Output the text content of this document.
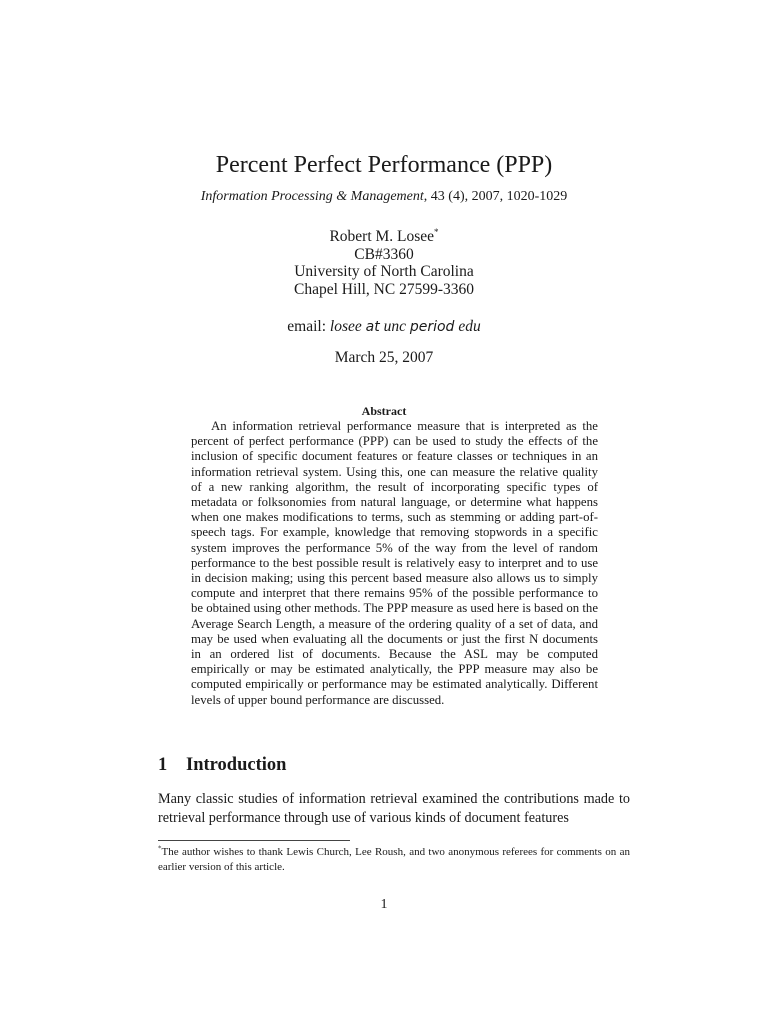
Percent Perfect Performance (PPP)
Information Processing & Management, 43 (4), 2007, 1020-1029
Robert M. Losee*
CB#3360
University of North Carolina
Chapel Hill, NC 27599-3360
email: losee at unc period edu
March 25, 2007
Abstract
An information retrieval performance measure that is interpreted as the percent of perfect performance (PPP) can be used to study the effects of the inclusion of specific document features or feature classes or techniques in an information retrieval system. Using this, one can measure the relative quality of a new ranking algorithm, the result of incorporating specific types of metadata or folksonomies from natural language, or determine what happens when one makes modifications to terms, such as stemming or adding part-of-speech tags. For example, knowledge that removing stopwords in a specific system improves the performance 5% of the way from the level of random performance to the best possible result is relatively easy to interpret and to use in decision making; using this percent based measure also allows us to simply compute and interpret that there remains 95% of the possible performance to be obtained using other methods. The PPP measure as used here is based on the Average Search Length, a measure of the ordering quality of a set of data, and may be used when evaluating all the documents or just the first N documents in an ordered list of documents. Because the ASL may be computed empirically or may be estimated analytically, the PPP measure may also be computed empirically or performance may be estimated analytically. Different levels of upper bound performance are discussed.
1 Introduction
Many classic studies of information retrieval examined the contributions made to retrieval performance through use of various kinds of document features
*The author wishes to thank Lewis Church, Lee Roush, and two anonymous referees for comments on an earlier version of this article.
1
